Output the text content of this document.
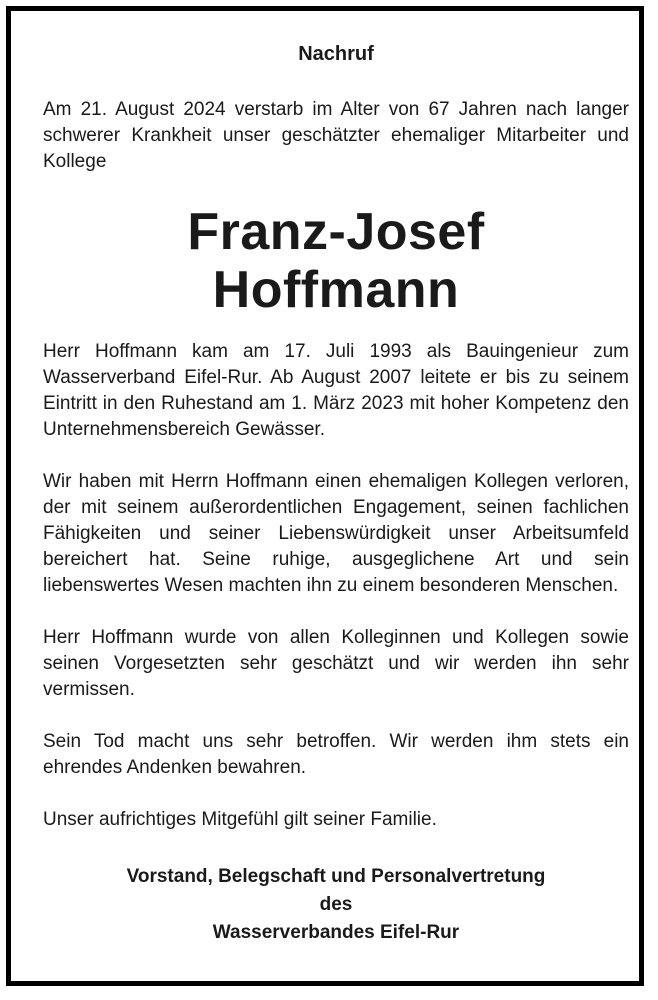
Nachruf

Am 21. August 2024 verstarb im Alter von 67 Jahren nach langer schwerer Krankheit unser geschätzter ehemaliger Mitarbeiter und Kollege

Franz-Josef
Hoffmann

Herr Hoffmann kam am 17. Juli 1993 als Bauingenieur zum Wasserverband Eifel-Rur. Ab August 2007 leitete er bis zu seinem Eintritt in den Ruhestand am 1. März 2023 mit hoher Kompetenz den Unternehmensbereich Gewässer.

Wir haben mit Herrn Hoffmann einen ehemaligen Kollegen verloren, der mit seinem außerordentlichen Engagement, seinen fachlichen Fähigkeiten und seiner Liebenswürdigkeit unser Arbeitsumfeld bereichert hat. Seine ruhige, ausgeglichene Art und sein liebenswertes Wesen machten ihn zu einem besonderen Menschen.

Herr Hoffmann wurde von allen Kolleginnen und Kollegen sowie seinen Vorgesetzten sehr geschätzt und wir werden ihn sehr vermissen.

Sein Tod macht uns sehr betroffen. Wir werden ihm stets ein ehrendes Andenken bewahren.

Unser aufrichtiges Mitgefühl gilt seiner Familie.

Vorstand, Belegschaft und Personalvertretung
des
Wasserverbandes Eifel-Rur
